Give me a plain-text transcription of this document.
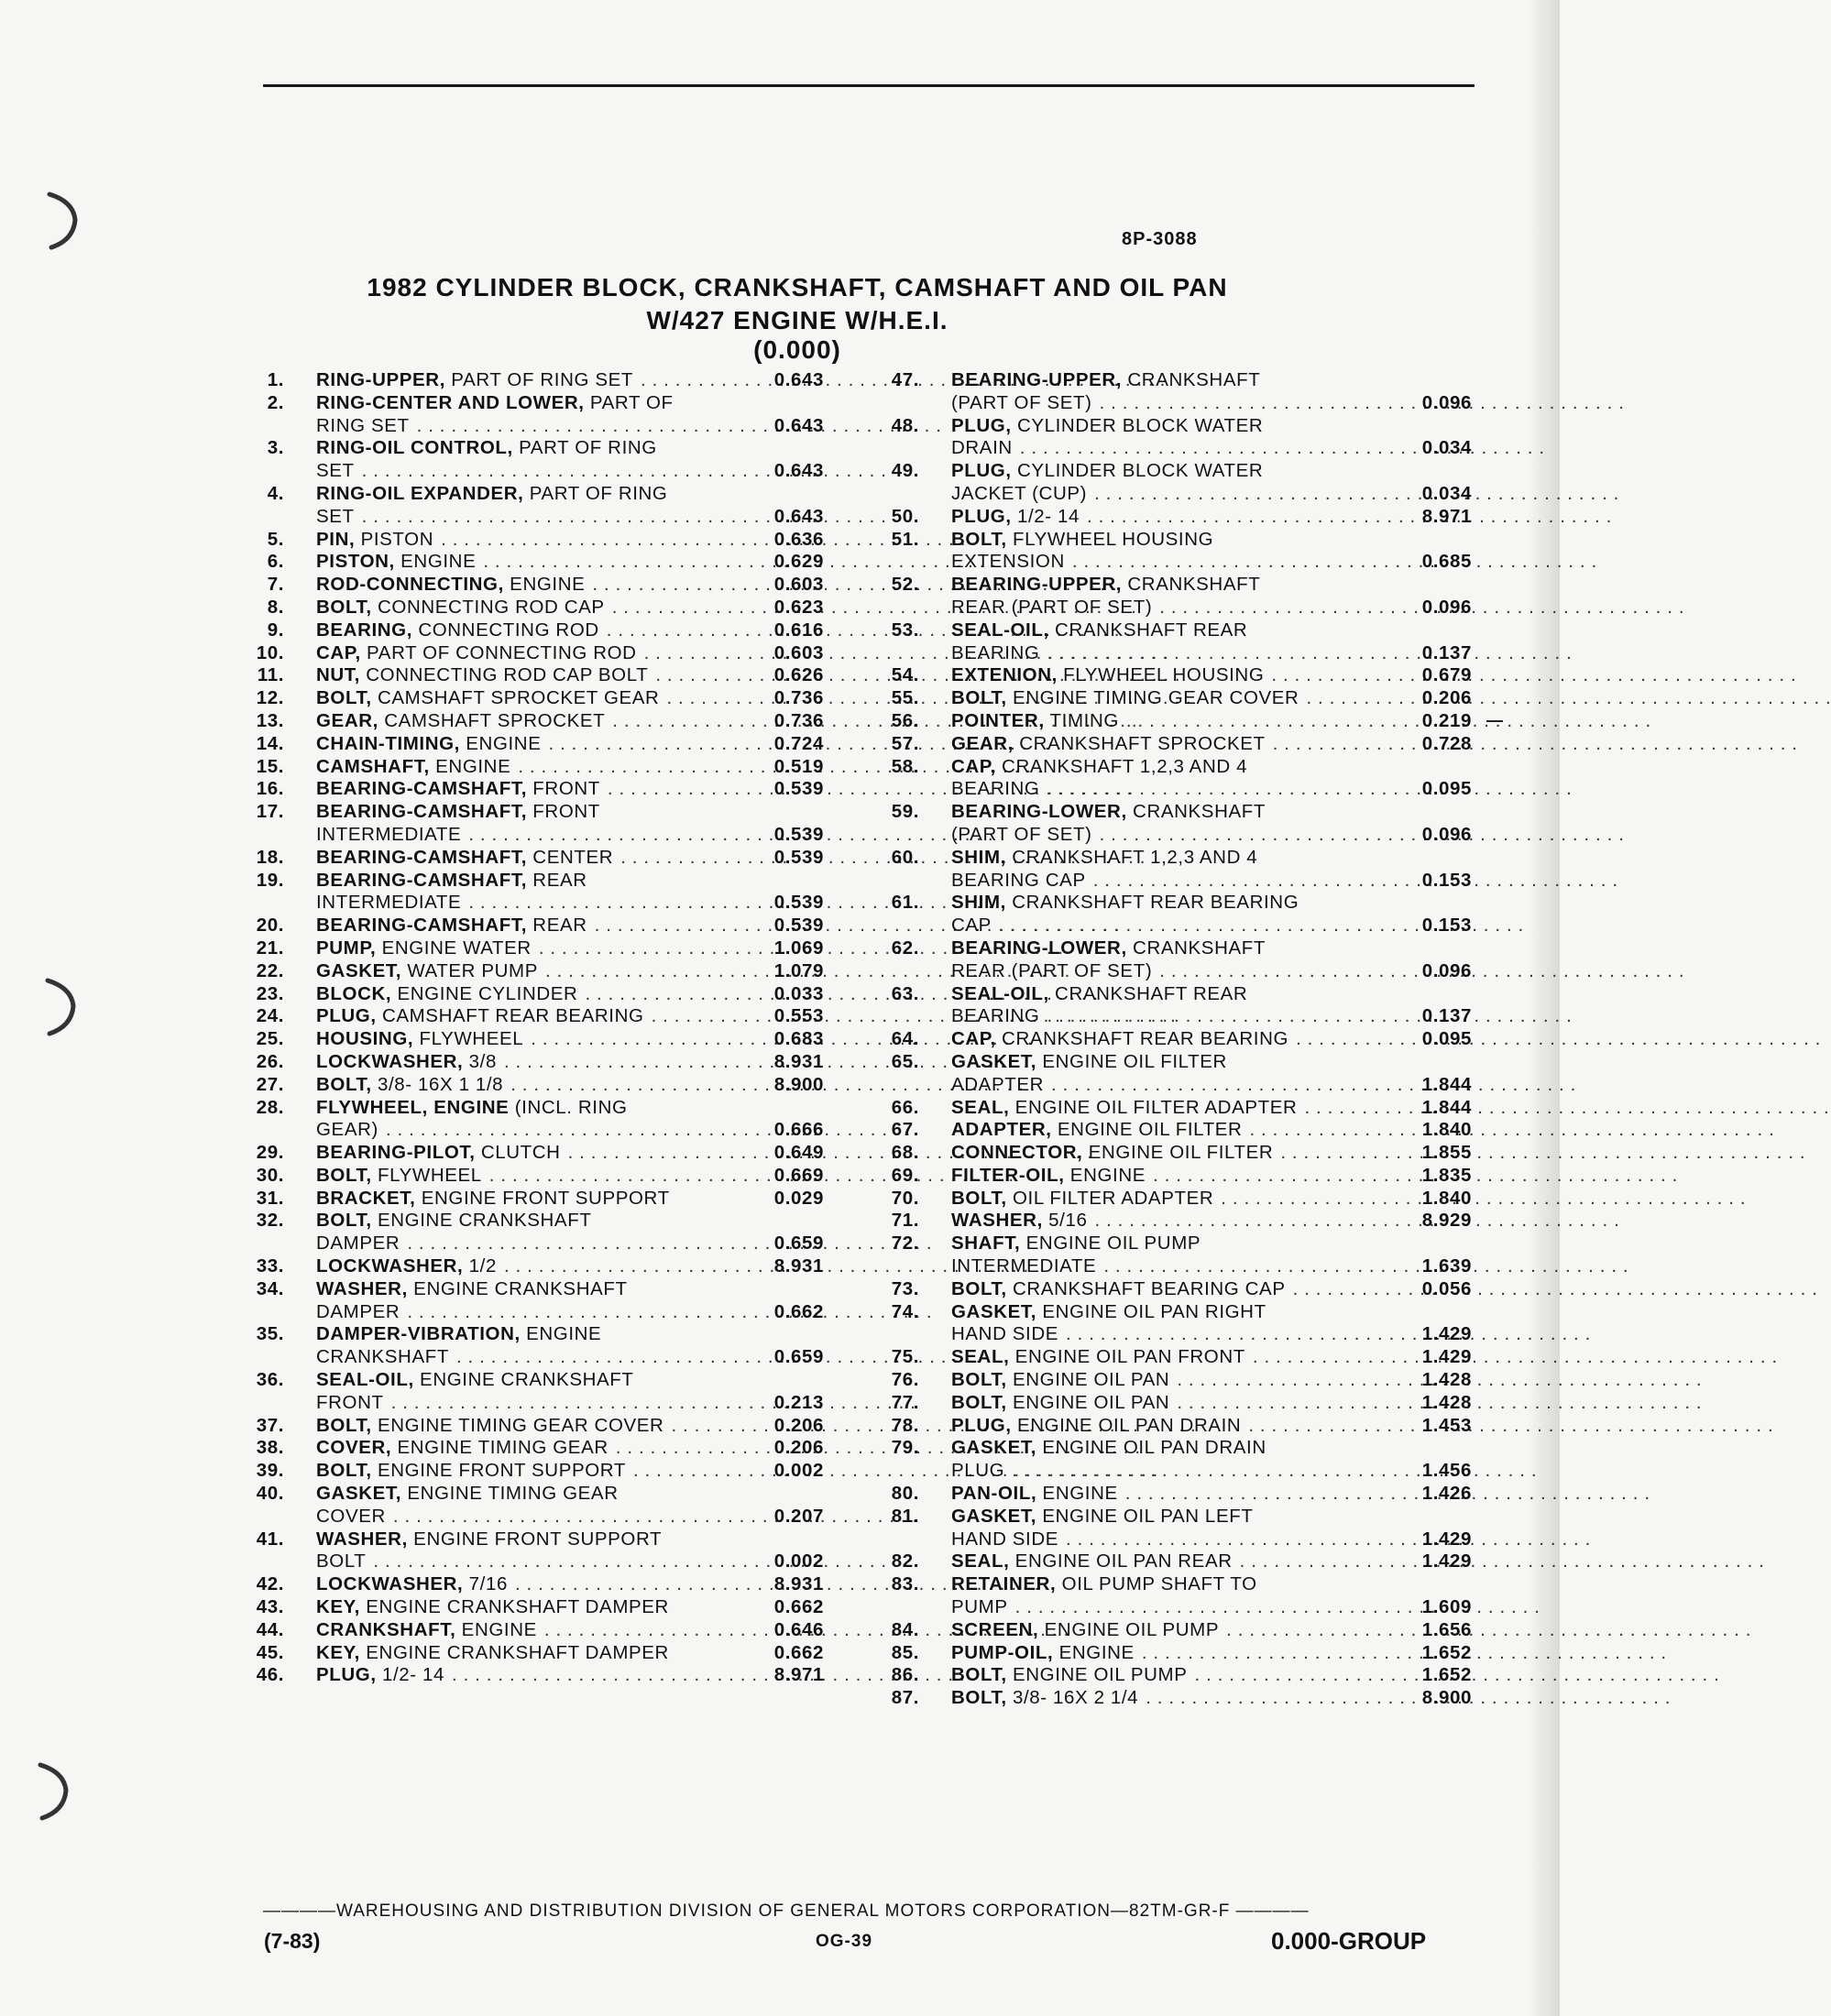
8P-3088
1982 CYLINDER BLOCK, CRANKSHAFT, CAMSHAFT AND OIL PAN
W/427 ENGINE W/H.E.I.
(0.000)
1. RING-UPPER, PART OF RING SET . . .	0.643
2. RING-CENTER AND LOWER, PART OF
RING SET . . .	0.643
3. RING-OIL CONTROL, PART OF RING
SET . . .	0.643
4. RING-OIL EXPANDER, PART OF RING
SET . . .	0.643
5. PIN, PISTON . . .	0.636
6. PISTON, ENGINE . . .	0.629
7. ROD-CONNECTING, ENGINE . . .	0.603
8. BOLT, CONNECTING ROD CAP . . .	0.623
9. BEARING, CONNECTING ROD . . .	0.616
10. CAP, PART OF CONNECTING ROD . . .	0.603
11. NUT, CONNECTING ROD CAP BOLT . . .	0.626
12. BOLT, CAMSHAFT SPROCKET GEAR . . .	0.736
13. GEAR, CAMSHAFT SPROCKET . . .	0.736
14. CHAIN-TIMING, ENGINE . . .	0.724
15. CAMSHAFT, ENGINE . . .	0.519
16. BEARING-CAMSHAFT, FRONT . . .	0.539
17. BEARING-CAMSHAFT, FRONT
INTERMEDIATE . . .	0.539
18. BEARING-CAMSHAFT, CENTER . . .	0.539
19. BEARING-CAMSHAFT, REAR
INTERMEDIATE . . .	0.539
20. BEARING-CAMSHAFT, REAR . . .	0.539
21. PUMP, ENGINE WATER . . .	1.069
22. GASKET, WATER PUMP . . .	1.079
23. BLOCK, ENGINE CYLINDER . . .	0.033
24. PLUG, CAMSHAFT REAR BEARING . . .	0.553
25. HOUSING, FLYWHEEL . . .	0.683
26. LOCKWASHER, 3/8 . . .	8.931
27. BOLT, 3/8- 16X 1 1/8 . . .	8.900
28. FLYWHEEL, ENGINE (INCL. RING
GEAR) . . .	0.666
29. BEARING-PILOT, CLUTCH . . .	0.649
30. BOLT, FLYWHEEL . . .	0.669
31. BRACKET, ENGINE FRONT SUPPORT	0.029
32. BOLT, ENGINE CRANKSHAFT
DAMPER . . .	0.659
33. LOCKWASHER, 1/2 . . .	8.931
34. WASHER, ENGINE CRANKSHAFT
DAMPER . . .	0.662
35. DAMPER-VIBRATION, ENGINE
CRANKSHAFT . . .	0.659
36. SEAL-OIL, ENGINE CRANKSHAFT
FRONT . . .	0.213
37. BOLT, ENGINE TIMING GEAR COVER . . .	0.206
38. COVER, ENGINE TIMING GEAR . . .	0.206
39. BOLT, ENGINE FRONT SUPPORT . . .	0.002
40. GASKET, ENGINE TIMING GEAR
COVER . . .	0.207
41. WASHER, ENGINE FRONT SUPPORT
BOLT . . .	0.002
42. LOCKWASHER, 7/16 . . .	8.931
43. KEY, ENGINE CRANKSHAFT DAMPER	0.662
44. CRANKSHAFT, ENGINE . . .	0.646
45. KEY, ENGINE CRANKSHAFT DAMPER	0.662
46. PLUG, 1/2- 14 . . .	8.971
47. BEARING-UPPER, CRANKSHAFT
(PART OF SET) . . .	0.096
48. PLUG, CYLINDER BLOCK WATER
DRAIN . . .	0.034
49. PLUG, CYLINDER BLOCK WATER
JACKET (CUP) . . .	0.034
50. PLUG, 1/2- 14 . . .	8.971
51. BOLT, FLYWHEEL HOUSING
EXTENSION . . .	0.685
52. BEARING-UPPER, CRANKSHAFT
REAR (PART OF SET) . . .	0.096
53. SEAL-OIL, CRANKSHAFT REAR
BEARING . . .	0.137
54. EXTENION, FLYWHEEL HOUSING . . .	0.679
55. BOLT, ENGINE TIMING GEAR COVER . . .	0.206
56. POINTER, TIMING . . .	0.219
57. GEAR, CRANKSHAFT SPROCKET . . .	0.728
58. CAP, CRANKSHAFT 1,2,3 AND 4
BEARING . . .	0.095
59. BEARING-LOWER, CRANKSHAFT
(PART OF SET) . . .	0.096
60. SHIM, CRANKSHAFT 1,2,3 AND 4
BEARING CAP . . .	0.153
61. SHIM, CRANKSHAFT REAR BEARING
CAP . . .	0.153
62. BEARING-LOWER, CRANKSHAFT
REAR (PART OF SET) . . .	0.096
63. SEAL-OIL, CRANKSHAFT REAR
BEARING . . .	0.137
64. CAP, CRANKSHAFT REAR BEARING . . .	0.095
65. GASKET, ENGINE OIL FILTER
ADAPTER . . .	1.844
66. SEAL, ENGINE OIL FILTER ADAPTER . . .	1.844
67. ADAPTER, ENGINE OIL FILTER . . .	1.840
68. CONNECTOR, ENGINE OIL FILTER . . .	1.855
69. FILTER-OIL, ENGINE . . .	1.835
70. BOLT, OIL FILTER ADAPTER . . .	1.840
71. WASHER, 5/16 . . .	8.929
72. SHAFT, ENGINE OIL PUMP
INTERMEDIATE . . .	1.639
73. BOLT, CRANKSHAFT BEARING CAP . . .	0.056
74. GASKET, ENGINE OIL PAN RIGHT
HAND SIDE . . .	1.429
75. SEAL, ENGINE OIL PAN FRONT . . .	1.429
76. BOLT, ENGINE OIL PAN . . .	1.428
77. BOLT, ENGINE OIL PAN . . .	1.428
78. PLUG, ENGINE OIL PAN DRAIN . . .	1.453
79. GASKET, ENGINE OIL PAN DRAIN
PLUG . . .	1.456
80. PAN-OIL, ENGINE . . .	1.426
81. GASKET, ENGINE OIL PAN LEFT
HAND SIDE . . .	1.429
82. SEAL, ENGINE OIL PAN REAR . . .	1.429
83. RETAINER, OIL PUMP SHAFT TO
PUMP . . .	1.609
84. SCREEN, ENGINE OIL PUMP . . .	1.656
85. PUMP-OIL, ENGINE . . .	1.652
86. BOLT, ENGINE OIL PUMP . . .	1.652
87. BOLT, 3/8- 16X 2 1/4 . . .	8.900
————WAREHOUSING AND DISTRIBUTION DIVISION OF GENERAL MOTORS CORPORATION—82TM-GR-F ————
(7-83)	OG-39	0.000-GROUP
